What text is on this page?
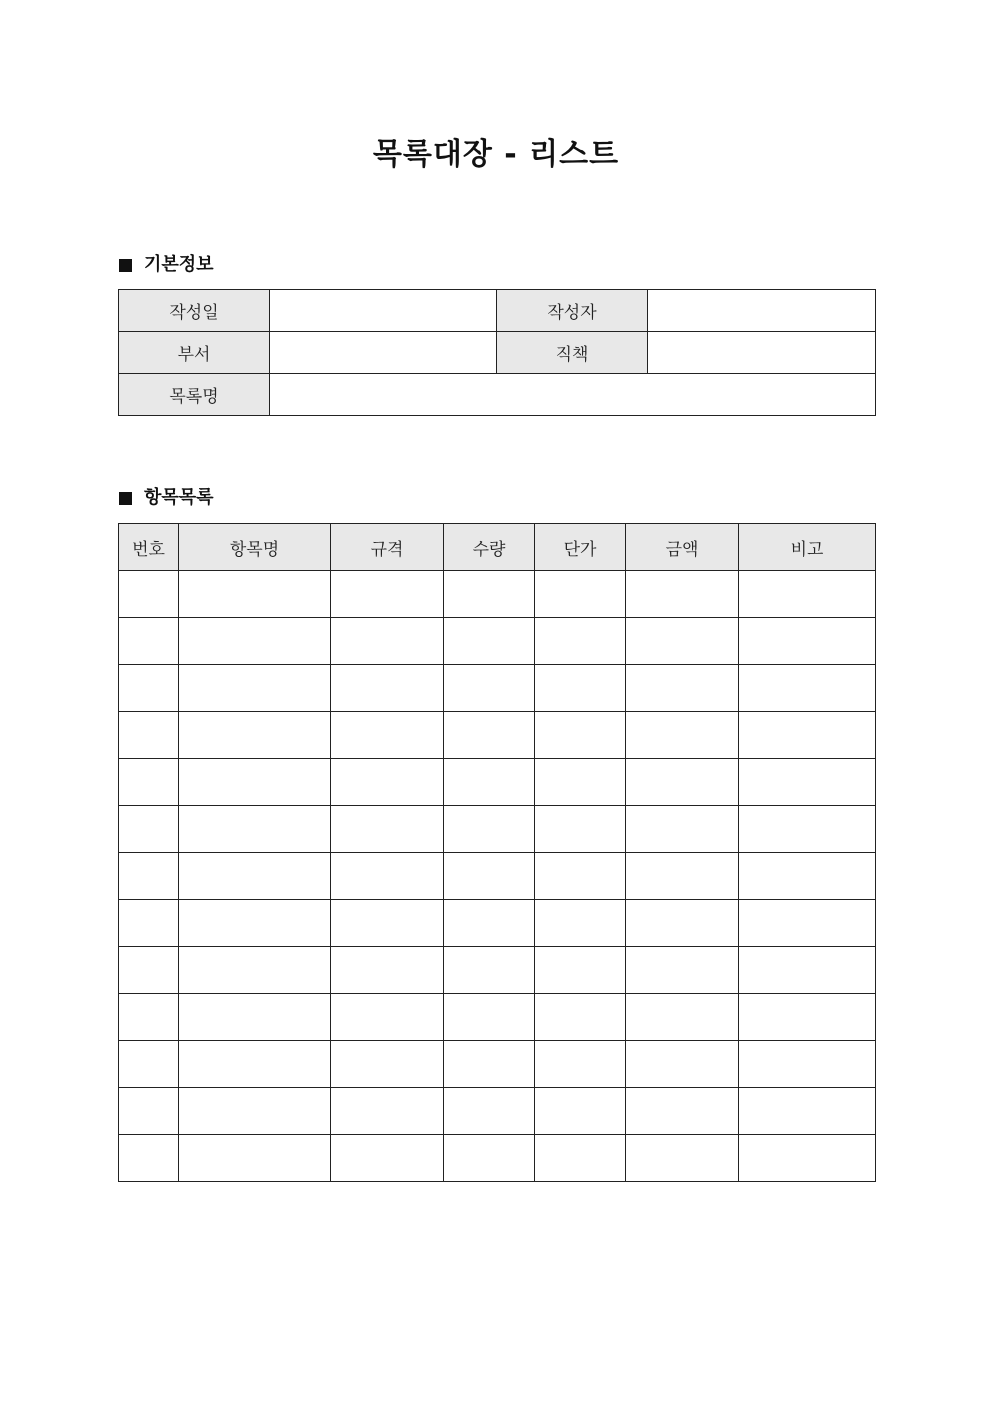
목록대장 - 리스트
기본정보
작성일		작성자	
부서		직책	
목록명			
항목목록
번호	항목명	규격	수량	단가	금액	비고
